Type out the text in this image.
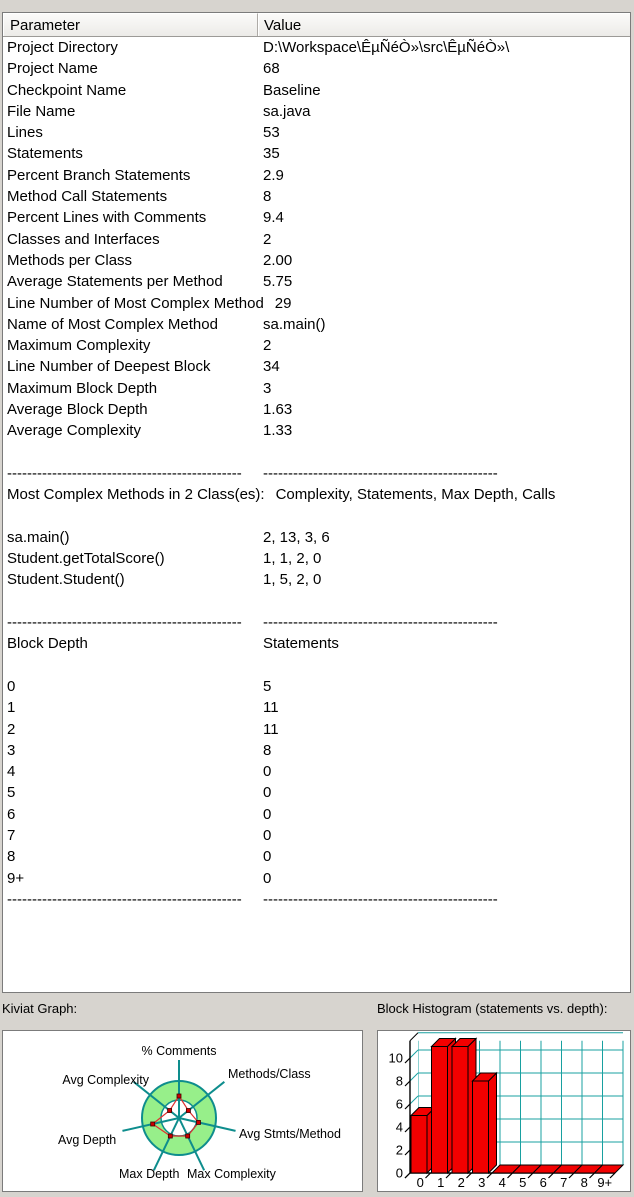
Parameter	Value
Project Directory	D:\Workspace\ÊµÑéÒ»\src\ÊµÑéÒ»\
Project Name	68
Checkpoint Name	Baseline
File Name	sa.java
Lines	53
Statements	35
Percent Branch Statements	2.9
Method Call Statements	8
Percent Lines with Comments	9.4
Classes and Interfaces	2
Methods per Class	2.00
Average Statements per Method	5.75
Line Number of Most Complex Method 29
Name of Most Complex Method	sa.main()
Maximum Complexity	2
Line Number of Deepest Block	34
Maximum Block Depth	3
Average Block Depth	1.63
Average Complexity	1.33
-----------------------------------------------	-----------------------------------------------
Most Complex Methods in 2 Class(es): Complexity, Statements, Max Depth, Calls
sa.main()	2, 13, 3, 6
Student.getTotalScore()	1, 1, 2, 0
Student.Student()	1, 5, 2, 0
-----------------------------------------------	-----------------------------------------------
Block Depth	Statements
0	5
1	11
2	11
3	8
4	0
5	0
6	0
7	0
8	0
9+	0
-----------------------------------------------	-----------------------------------------------
Kiviat Graph:	Block Histogram (statements vs. depth):
% Comments
Methods/Class
Avg Stmts/Method
Max Complexity
Max Depth
Avg Depth
Avg Complexity
0
2
4
6
8
10
0 1 2 3 4 5 6 7 8 9+
